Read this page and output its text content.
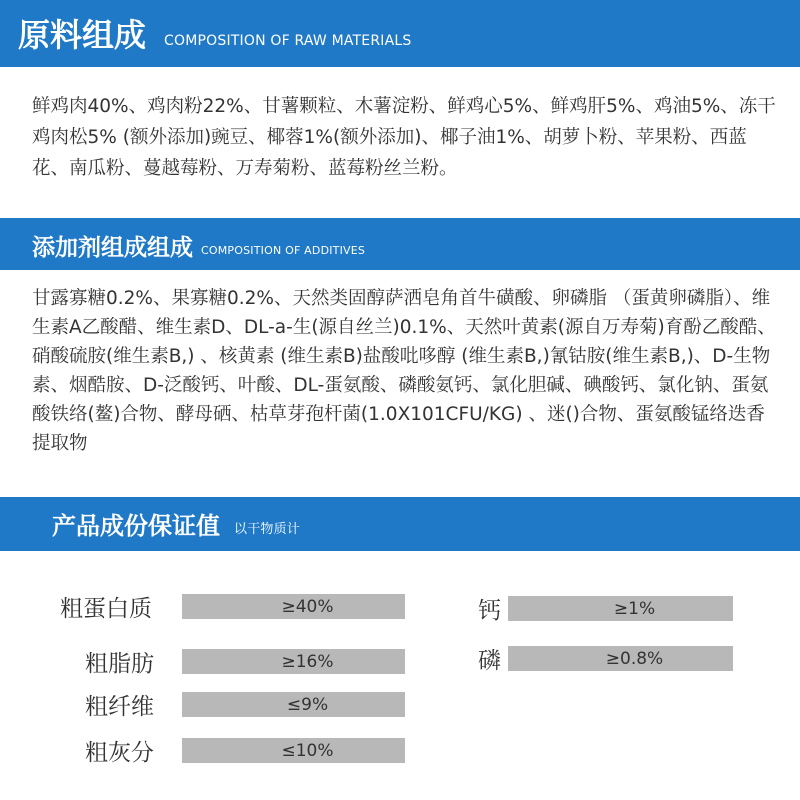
原料组成 COMPOSITION OF RAW MATERIALS

鲜鸡肉40%、鸡肉粉22%、甘薯颗粒、木薯淀粉、鲜鸡心5%、鲜鸡肝5%、鸡油5%、冻干鸡肉松5% (额外添加)豌豆、椰蓉1%(额外添加)、椰子油1%、胡萝卜粉、苹果粉、西蓝花、南瓜粉、蔓越莓粉、万寿菊粉、蓝莓粉丝兰粉。

添加剂组成组成 COMPOSITION OF ADDITIVES

甘露寡糖0.2%、果寡糖0.2%、天然类固醇萨洒皂角首牛磺酸、卵磷脂 （蛋黄卵磷脂）、维生素A乙酸醋、维生素D、DL-a-生(源自丝兰)0.1%、天然叶黄素(源自万寿菊)育酚乙酸酷、硝酸硫胺(维生素B,) 、核黄素 (维生素B)盐酸吡哆醇 (维生素B,)氰钴胺(维生素B,)、D-生物素、烟酷胺、D-泛酸钙、叶酸、DL-蛋氨酸、磷酸氨钙、氯化胆碱、碘酸钙、氯化钠、蛋氨酸铁络(鳌)合物、酵母硒、枯草芽孢杆菌(1.0X101CFU/KG) 、迷()合物、蛋氨酸锰络迭香提取物

产品成份保证值 以干物质计
粗蛋白质	≥40%
粗脂肪	≥16%
粗纤维	≤9%
粗灰分	≤10%
钙	≥1%
磷	≥0.8%
